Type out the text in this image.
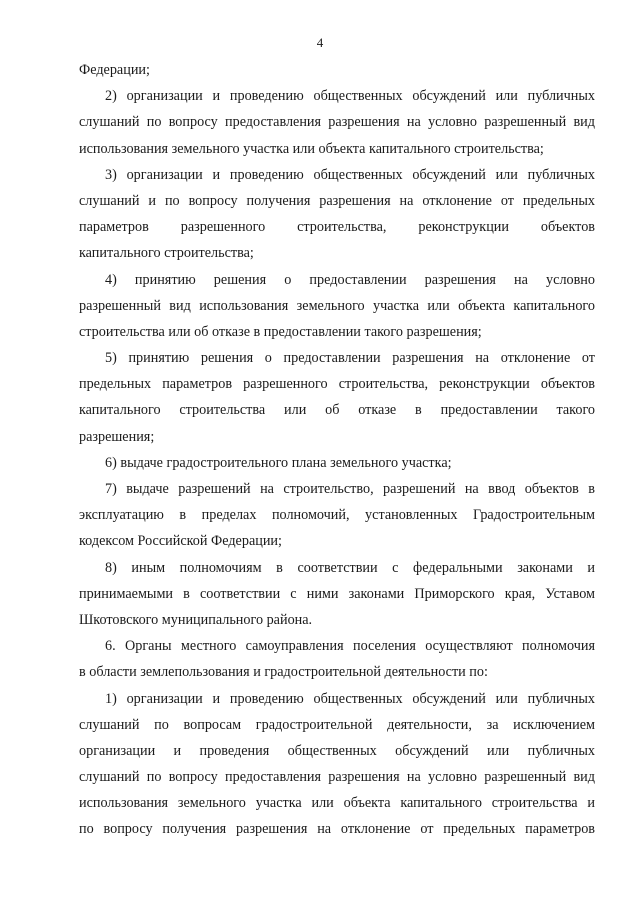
4
Федерации;
2) организации и проведению общественных обсуждений или публичных
слушаний по вопросу предоставления разрешения на условно разрешенный вид
использования земельного участка или объекта капитального строительства;
3) организации и проведению общественных обсуждений или публичных
слушаний и по вопросу получения разрешения на отклонение от предельных
параметров разрешенного строительства, реконструкции объектов
капитального строительства;
4) принятию решения о предоставлении разрешения на условно
разрешенный вид использования земельного участка или объекта капитального
строительства или об отказе в предоставлении такого разрешения;
5) принятию решения о предоставлении разрешения на отклонение от
предельных параметров разрешенного строительства, реконструкции объектов
капитального строительства или об отказе в предоставлении такого
разрешения;
6) выдаче градостроительного плана земельного участка;
7) выдаче разрешений на строительство, разрешений на ввод объектов в
эксплуатацию в пределах полномочий, установленных Градостроительным
кодексом Российской Федерации;
8) иным полномочиям в соответствии с федеральными законами и
принимаемыми в соответствии с ними законами Приморского края, Уставом
Шкотовского муниципального района.
6. Органы местного самоуправления поселения осуществляют полномочия
в области землепользования и градостроительной деятельности по:
1) организации и проведению общественных обсуждений или публичных
слушаний по вопросам градостроительной деятельности, за исключением
организации и проведения общественных обсуждений или публичных
слушаний по вопросу предоставления разрешения на условно разрешенный вид
использования земельного участка или объекта капитального строительства и
по вопросу получения разрешения на отклонение от предельных параметров
